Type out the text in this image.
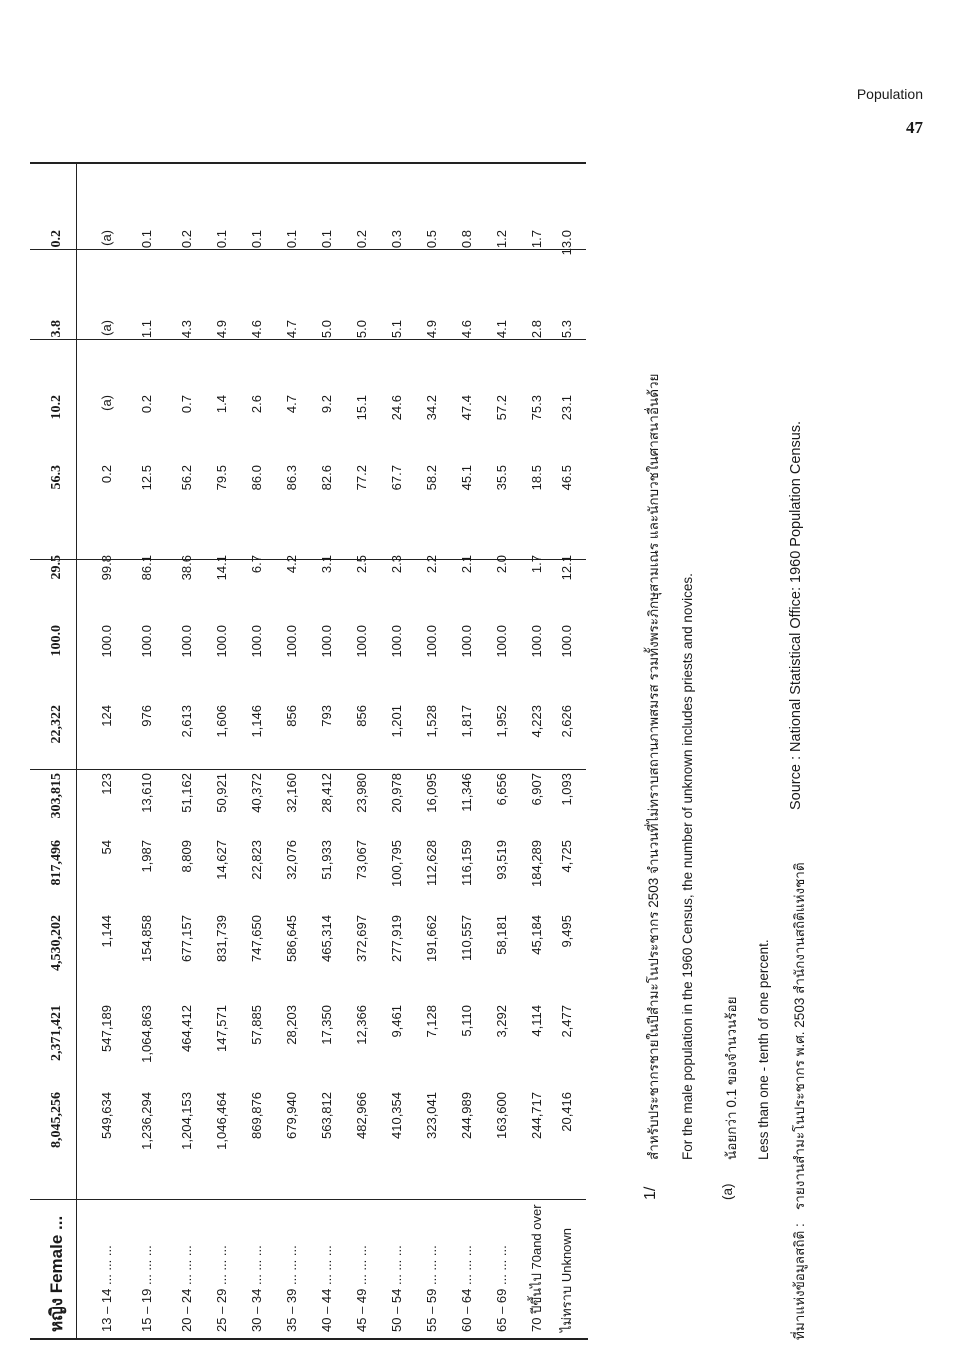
Population
47
หญิง Female ...
8,045,256
2,371,421
4,530,202
817,496
303,815
22,322
100.0
29.5
56.3
10.2
3.8
0.2
13 – 14 ... ... ...
549,634
547,189
1,144
54
123
124
100.0
99.8
0.2
(a)
(a)
(a)
15 – 19 ... ... ...
1,236,294
1,064,863
154,858
1,987
13,610
976
100.0
86.1
12.5
0.2
1.1
0.1
20 – 24 ... ... ...
1,204,153
464,412
677,157
8,809
51,162
2,613
100.0
38.6
56.2
0.7
4.3
0.2
25 – 29 ... ... ...
1,046,464
147,571
831,739
14,627
50,921
1,606
100.0
14.1
79.5
1.4
4.9
0.1
30 – 34 ... ... ...
869,876
57,885
747,650
22,823
40,372
1,146
100.0
6.7
86.0
2.6
4.6
0.1
35 – 39 ... ... ...
679,940
28,203
586,645
32,076
32,160
856
100.0
4.2
86.3
4.7
4.7
0.1
40 – 44 ... ... ...
563,812
17,350
465,314
51,933
28,412
793
100.0
3.1
82.6
9.2
5.0
0.1
45 – 49 ... ... ...
482,966
12,366
372,697
73,067
23,980
856
100.0
2.5
77.2
15.1
5.0
0.2
50 – 54 ... ... ...
410,354
9,461
277,919
100,795
20,978
1,201
100.0
2.3
67.7
24.6
5.1
0.3
55 – 59 ... ... ...
323,041
7,128
191,662
112,628
16,095
1,528
100.0
2.2
58.2
34.2
4.9
0.5
60 – 64 ... ... ...
244,989
5,110
110,557
116,159
11,346
1,817
100.0
2.1
45.1
47.4
4.6
0.8
65 – 69 ... ... ...
163,600
3,292
58,181
93,519
6,656
1,952
100.0
2.0
35.5
57.2
4.1
1.2
70 ปีขึ้นไป 70and over
244,717
4,114
45,184
184,289
6,907
4,223
100.0
1.7
18.5
75.3
2.8
1.7
ไม่ทราบ Unknown
20,416
2,477
9,495
4,725
1,093
2,626
100.0
12.1
46.5
23.1
5.3
13.0
1/
สำหรับประชากรชายในปีสำมะโนประชากร 2503 จำนวนที่ไม่ทราบสถานภาพสมรส รวมทั้งพระภิกษุสามเณร และนักบวชในศาสนาอื่นด้วย For the male population in the 1960 Census, the number of unknown includes priests and novices.
(a)
น้อยกว่า 0.1 ของจำนวนร้อย Less than one - tenth of one percent.
ที่มาแห่งข้อมูลสถิติ :
รายงานสำมะโนประชากร พ.ศ. 2503 สำนักงานสถิติแห่งชาติ
Source : National Statistical Office: 1960 Population Census.
